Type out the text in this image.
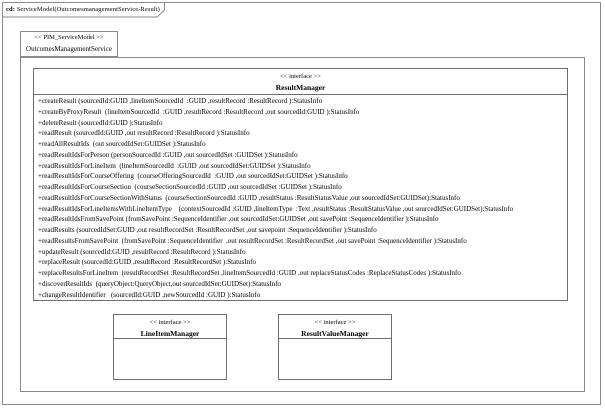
cd: ServiceModel(OutcomesmanagementService-Result)
<< PIM_ServiceModel >>
OutcomesManagementService
<< interface >>
ResultManager
+createResult (sourcedId:GUID ,lineItemSourcedId  :GUID ,resultRecord :ResultRecord ):StatusInfo
+createByProxyResult  (lineItemSourcedId  :GUID ,resultRecord :ResultRecord ,out sourcedId:GUID ):StatusInfo
+deleteResult (sourcedId:GUID ):StatusInfo
+readResult (sourcedId:GUID ,out resultRecord :ResultRecord ):StatusInfo
+readAllResultIds  (out sourcedIdSet:GUIDSet ):StatusInfo
+readResultIdsForPerson (personSourcedId :GUID ,out sourcedIdSet :GUIDSet ):StatusInfo
+readResultIdsForLineItem  (lineItemSourcedId  :GUID ,out sourcedIdSet:GUIDSet ):StatusInfo
+readResultIdsForCourseOffering  (courseOfferingSourcedId  :GUID ,out sourcedIdSet:GUIDSet ):StatusInfo
+readResultIdsForCourseSection  (courseSectionSourcedId :GUID ,out sourcedIdSet :GUIDSet ):StatusInfo
+readResultIdsForCourseSectionWithStatus  (courseSectionSourcedId :GUID ,resultStatus :ResultStatusValue ,out sourcedIdSet:GUIDSet):StatusInfo
+readResultIdsForLineItemsWithLineItemType    (contextSourcedId :GUID ,lineItemType  :Text ,resultStatus :ResultStatusValue ,out sourcedIdSet:GUIDSet):StatusInfo
+readResultIdsFromSavePoint (fromSavePoint :SequenceIdentifier ,out sourcedIdSet:GUIDSet ,out savePoint :SequenceIdentifier ):StatusInfo
+readResults (sourcedIdSet:GUID ,out resultRecordSet :ResultRecordSet ,out savepoint :SequenceIdentifier ):StatusInfo
+readResultsFromSavePoint  (fromSavePoint :SequenceIdentifier  ,out resultRecordSet :ResultRecordSet ,out savePoint :SequenceIdentifier ):StatusInfo
+updateResult (sourcedId:GUID ,resultRecord :ResultRecord ):StatusInfo
+replaceResult (sourcedId:GUID ,resultRecord :ResultRecordSet ):StatusInfo
+replaceResultsForLineItem  (resultRecordSet :ResultRecordSet ,lineItemSourcedId :GUID ,out replaceStatusCodes :ReplaceStatusCodes ):StatusInfo
+discoverResultIds  (queryObject:QueryObject,out sourcedIdSet:GUIDSet):StatusInfo
+changeResultIdentifier   (sourcedId:GUID ,newSourcedId :GUID ):StatusInfo
<< interface >>
LineItemManager
<< interface >>
ResultValueManager
